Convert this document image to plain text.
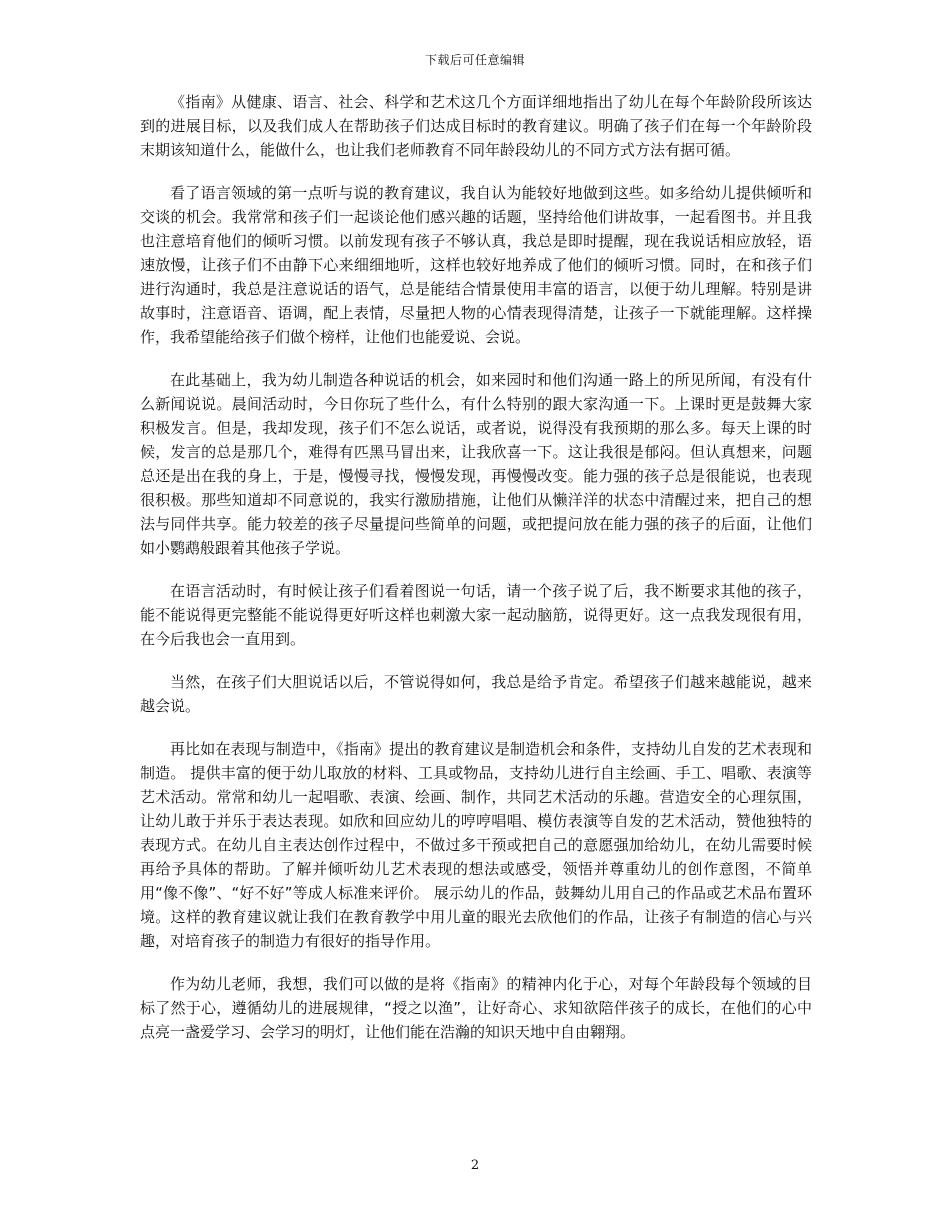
下载后可任意编辑

《指南》从健康、语言、社会、科学和艺术这几个方面详细地指出了幼儿在每个年龄阶段所该达到的进展目标，以及我们成人在帮助孩子们达成目标时的教育建议。明确了孩子们在每一个年龄阶段末期该知道什么，能做什么，也让我们老师教育不同年龄段幼儿的不同方式方法有据可循。

看了语言领域的第一点听与说的教育建议，我自认为能较好地做到这些。如多给幼儿提供倾听和交谈的机会。我常常和孩子们一起谈论他们感兴趣的话题，坚持给他们讲故事，一起看图书。并且我也注意培育他们的倾听习惯。以前发现有孩子不够认真，我总是即时提醒，现在我说话相应放轻，语速放慢，让孩子们不由静下心来细细地听，这样也较好地养成了他们的倾听习惯。同时，在和孩子们进行沟通时，我总是注意说话的语气，总是能结合情景使用丰富的语言，以便于幼儿理解。特别是讲故事时，注意语音、语调，配上表情，尽量把人物的心情表现得清楚，让孩子一下就能理解。这样操作，我希望能给孩子们做个榜样，让他们也能爱说、会说。

在此基础上，我为幼儿制造各种说话的机会，如来园时和他们沟通一路上的所见所闻，有没有什么新闻说说。晨间活动时，今日你玩了些什么，有什么特别的跟大家沟通一下。上课时更是鼓舞大家积极发言。但是，我却发现，孩子们不怎么说话，或者说，说得没有我预期的那么多。每天上课的时候，发言的总是那几个，难得有匹黑马冒出来，让我欣喜一下。这让我很是郁闷。但认真想来，问题总还是出在我的身上，于是，慢慢寻找，慢慢发现，再慢慢改变。能力强的孩子总是很能说，也表现很积极。那些知道却不同意说的，我实行激励措施，让他们从懒洋洋的状态中清醒过来，把自己的想法与同伴共享。能力较差的孩子尽量提问些简单的问题，或把提问放在能力强的孩子的后面，让他们如小鹦鹉般跟着其他孩子学说。

在语言活动时，有时候让孩子们看着图说一句话，请一个孩子说了后，我不断要求其他的孩子，能不能说得更完整能不能说得更好听这样也刺激大家一起动脑筋，说得更好。这一点我发现很有用，在今后我也会一直用到。

当然，在孩子们大胆说话以后，不管说得如何，我总是给予肯定。希望孩子们越来越能说，越来越会说。

再比如在表现与制造中，《指南》提出的教育建议是制造机会和条件，支持幼儿自发的艺术表现和制造。 提供丰富的便于幼儿取放的材料、工具或物品，支持幼儿进行自主绘画、手工、唱歌、表演等艺术活动。常常和幼儿一起唱歌、表演、绘画、制作，共同艺术活动的乐趣。营造安全的心理氛围，让幼儿敢于并乐于表达表现。如欣和回应幼儿的哼哼唱唱、模仿表演等自发的艺术活动，赞他独特的表现方式。在幼儿自主表达创作过程中，不做过多干预或把自己的意愿强加给幼儿，在幼儿需要时候再给予具体的帮助。了解并倾听幼儿艺术表现的想法或感受，领悟并尊重幼儿的创作意图，不简单用“像不像”、“好不好”等成人标准来评价。 展示幼儿的作品，鼓舞幼儿用自己的作品或艺术品布置环境。这样的教育建议就让我们在教育教学中用儿童的眼光去欣他们的作品，让孩子有制造的信心与兴趣，对培育孩子的制造力有很好的指导作用。

作为幼儿老师，我想，我们可以做的是将《指南》的精神内化于心，对每个年龄段每个领域的目标了然于心，遵循幼儿的进展规律，“授之以渔”，让好奇心、求知欲陪伴孩子的成长，在他们的心中点亮一盏爱学习、会学习的明灯，让他们能在浩瀚的知识天地中自由翱翔。

2
